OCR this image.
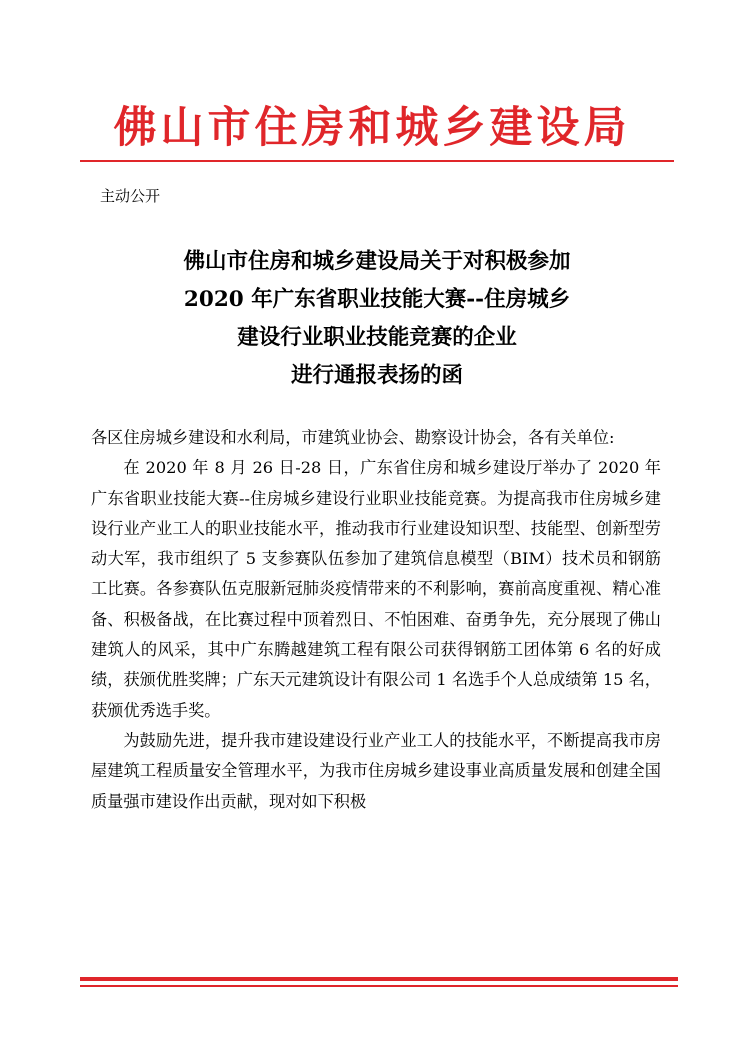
佛山市住房和城乡建设局
主动公开
佛山市住房和城乡建设局关于对积极参加
2020 年广东省职业技能大赛--住房城乡
建设行业职业技能竞赛的企业
进行通报表扬的函

各区住房城乡建设和水利局，市建筑业协会、勘察设计协会，各有关单位:

在 2020 年 8 月 26 日-28 日，广东省住房和城乡建设厅举办了 2020 年广东省职业技能大赛--住房城乡建设行业职业技能竞赛。为提高我市住房城乡建设行业产业工人的职业技能水平，推动我市行业建设知识型、技能型、创新型劳动大军，我市组织了 5 支参赛队伍参加了建筑信息模型（BIM）技术员和钢筋工比赛。各参赛队伍克服新冠肺炎疫情带来的不利影响，赛前高度重视、精心准备、积极备战，在比赛过程中顶着烈日、不怕困难、奋勇争先，充分展现了佛山建筑人的风采，其中广东腾越建筑工程有限公司获得钢筋工团体第 6 名的好成绩，获颁优胜奖牌；广东天元建筑设计有限公司 1 名选手个人总成绩第 15 名，获颁优秀选手奖。

为鼓励先进，提升我市建设建设行业产业工人的技能水平，不断提高我市房屋建筑工程质量安全管理水平，为我市住房城乡建设事业高质量发展和创建全国质量强市建设作出贡献，现对如下积极
